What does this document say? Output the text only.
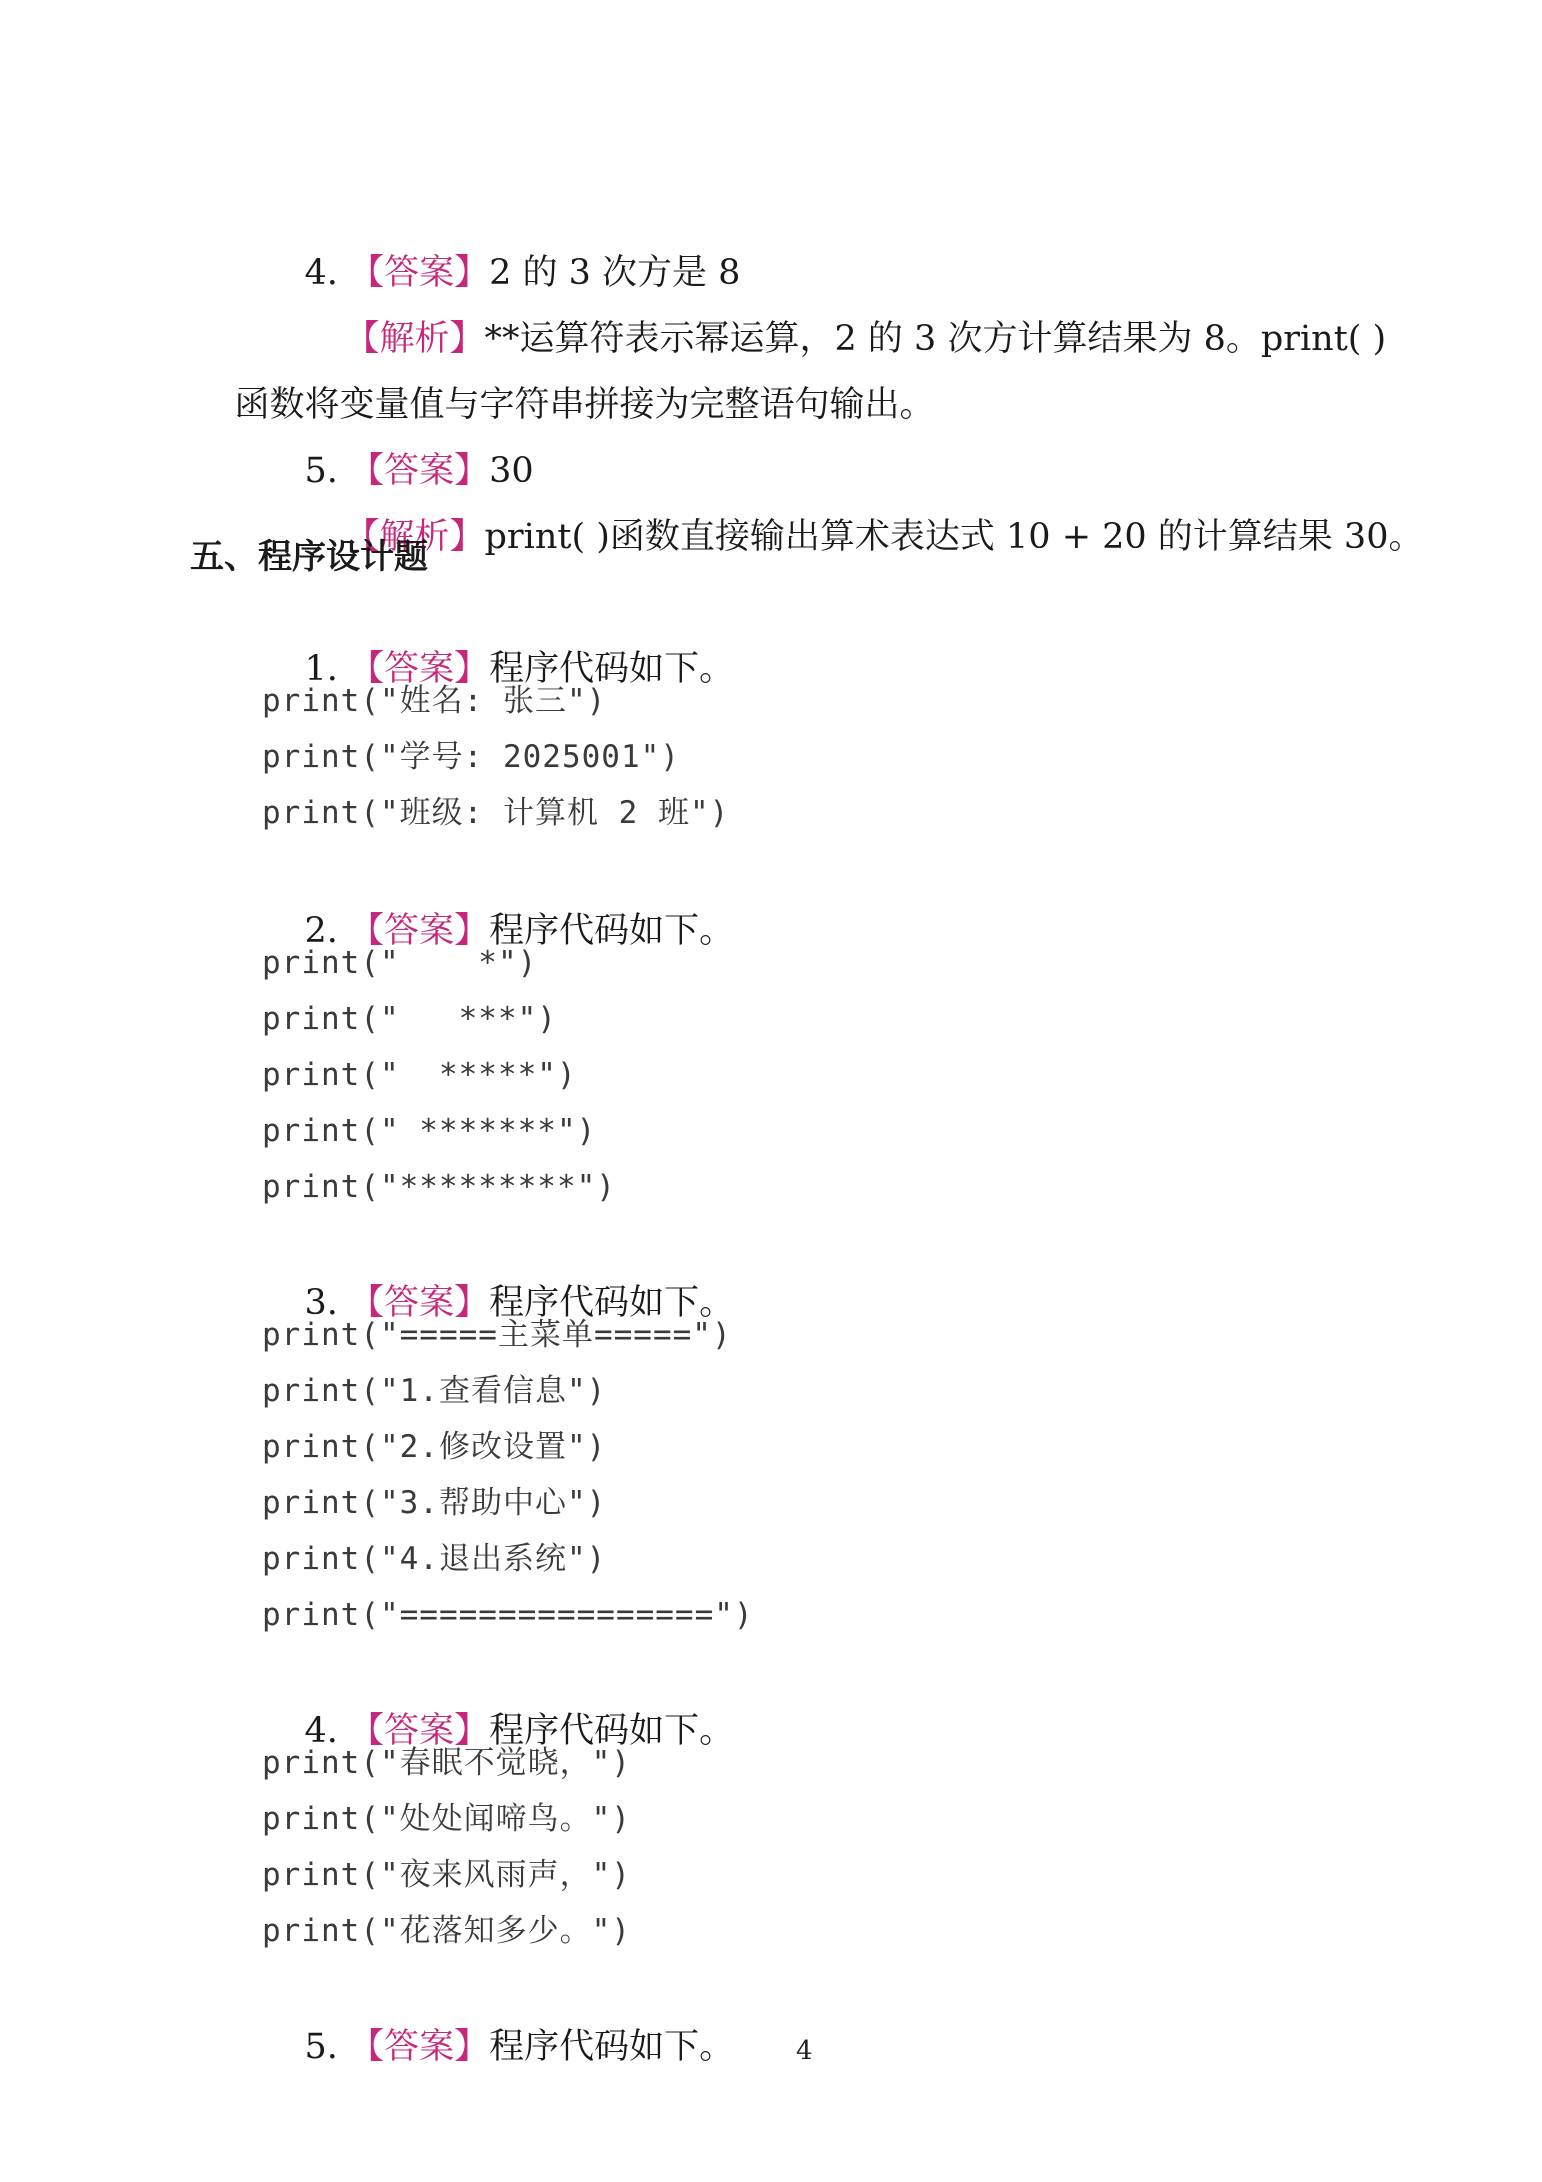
4. 【答案】2 的 3 次方是 8

【解析】**运算符表示幂运算，2 的 3 次方计算结果为 8。print( )

函数将变量值与字符串拼接为完整语句输出。

5. 【答案】30

【解析】print( )函数直接输出算术表达式 10 + 20 的计算结果 30。

五、程序设计题

1. 【答案】程序代码如下。

print("姓名: 张三")
print("学号: 2025001")
print("班级: 计算机 2 班")

2. 【答案】程序代码如下。

print("    *")
print("   ***")
print("  *****")
print(" *******")
print("*********")

3. 【答案】程序代码如下。

print("=====主菜单=====")
print("1.查看信息")
print("2.修改设置")
print("3.帮助中心")
print("4.退出系统")
print("================")

4. 【答案】程序代码如下。

print("春眠不觉晓，")
print("处处闻啼鸟。")
print("夜来风雨声，")
print("花落知多少。")

5. 【答案】程序代码如下。
4
